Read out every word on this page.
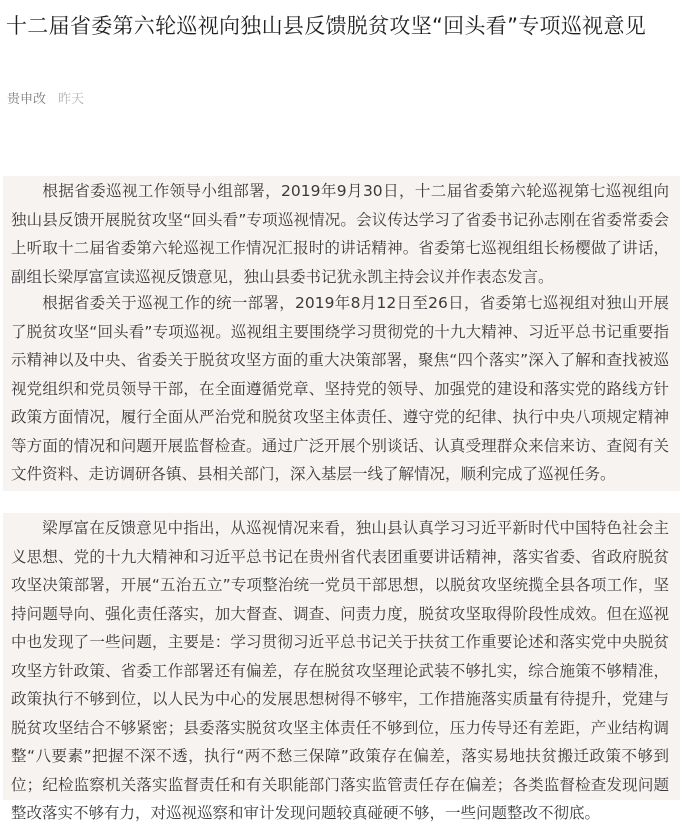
十二届省委第六轮巡视向独山县反馈脱贫攻坚“回头看”专项巡视意见
贵申改 昨天

根据省委巡视工作领导小组部署，2019年9月30日，十二届省委第六轮巡视第七巡视组向独山县反馈开展脱贫攻坚“回头看”专项巡视情况。会议传达学习了省委书记孙志刚在省委常委会上听取十二届省委第六轮巡视工作情况汇报时的讲话精神。省委第七巡视组组长杨樱做了讲话，副组长梁厚富宣读巡视反馈意见，独山县委书记犹永凯主持会议并作表态发言。

根据省委关于巡视工作的统一部署，2019年8月12日至26日，省委第七巡视组对独山开展了脱贫攻坚“回头看”专项巡视。巡视组主要围绕学习贯彻党的十九大精神、习近平总书记重要指示精神以及中央、省委关于脱贫攻坚方面的重大决策部署，聚焦“四个落实”深入了解和查找被巡视党组织和党员领导干部，在全面遵循党章、坚持党的领导、加强党的建设和落实党的路线方针政策方面情况，履行全面从严治党和脱贫攻坚主体责任、遵守党的纪律、执行中央八项规定精神等方面的情况和问题开展监督检查。通过广泛开展个别谈话、认真受理群众来信来访、查阅有关文件资料、走访调研各镇、县相关部门，深入基层一线了解情况，顺利完成了巡视任务。

梁厚富在反馈意见中指出，从巡视情况来看，独山县认真学习习近平新时代中国特色社会主义思想、党的十九大精神和习近平总书记在贵州省代表团重要讲话精神，落实省委、省政府脱贫攻坚决策部署，开展“五治五立”专项整治统一党员干部思想，以脱贫攻坚统揽全县各项工作，坚持问题导向、强化责任落实，加大督查、调查、问责力度，脱贫攻坚取得阶段性成效。但在巡视中也发现了一些问题，主要是：学习贯彻习近平总书记关于扶贫工作重要论述和落实党中央脱贫攻坚方针政策、省委工作部署还有偏差，存在脱贫攻坚理论武装不够扎实，综合施策不够精准，政策执行不够到位，以人民为中心的发展思想树得不够牢，工作措施落实质量有待提升，党建与脱贫攻坚结合不够紧密；县委落实脱贫攻坚主体责任不够到位，压力传导还有差距，产业结构调整“八要素”把握不深不透，执行“两不愁三保障”政策存在偏差，落实易地扶贫搬迁政策不够到位；纪检监察机关落实监督责任和有关职能部门落实监管责任存在偏差；各类监督检查发现问题整改落实不够有力，对巡视巡察和审计发现问题较真碰硬不够，一些问题整改不彻底。
